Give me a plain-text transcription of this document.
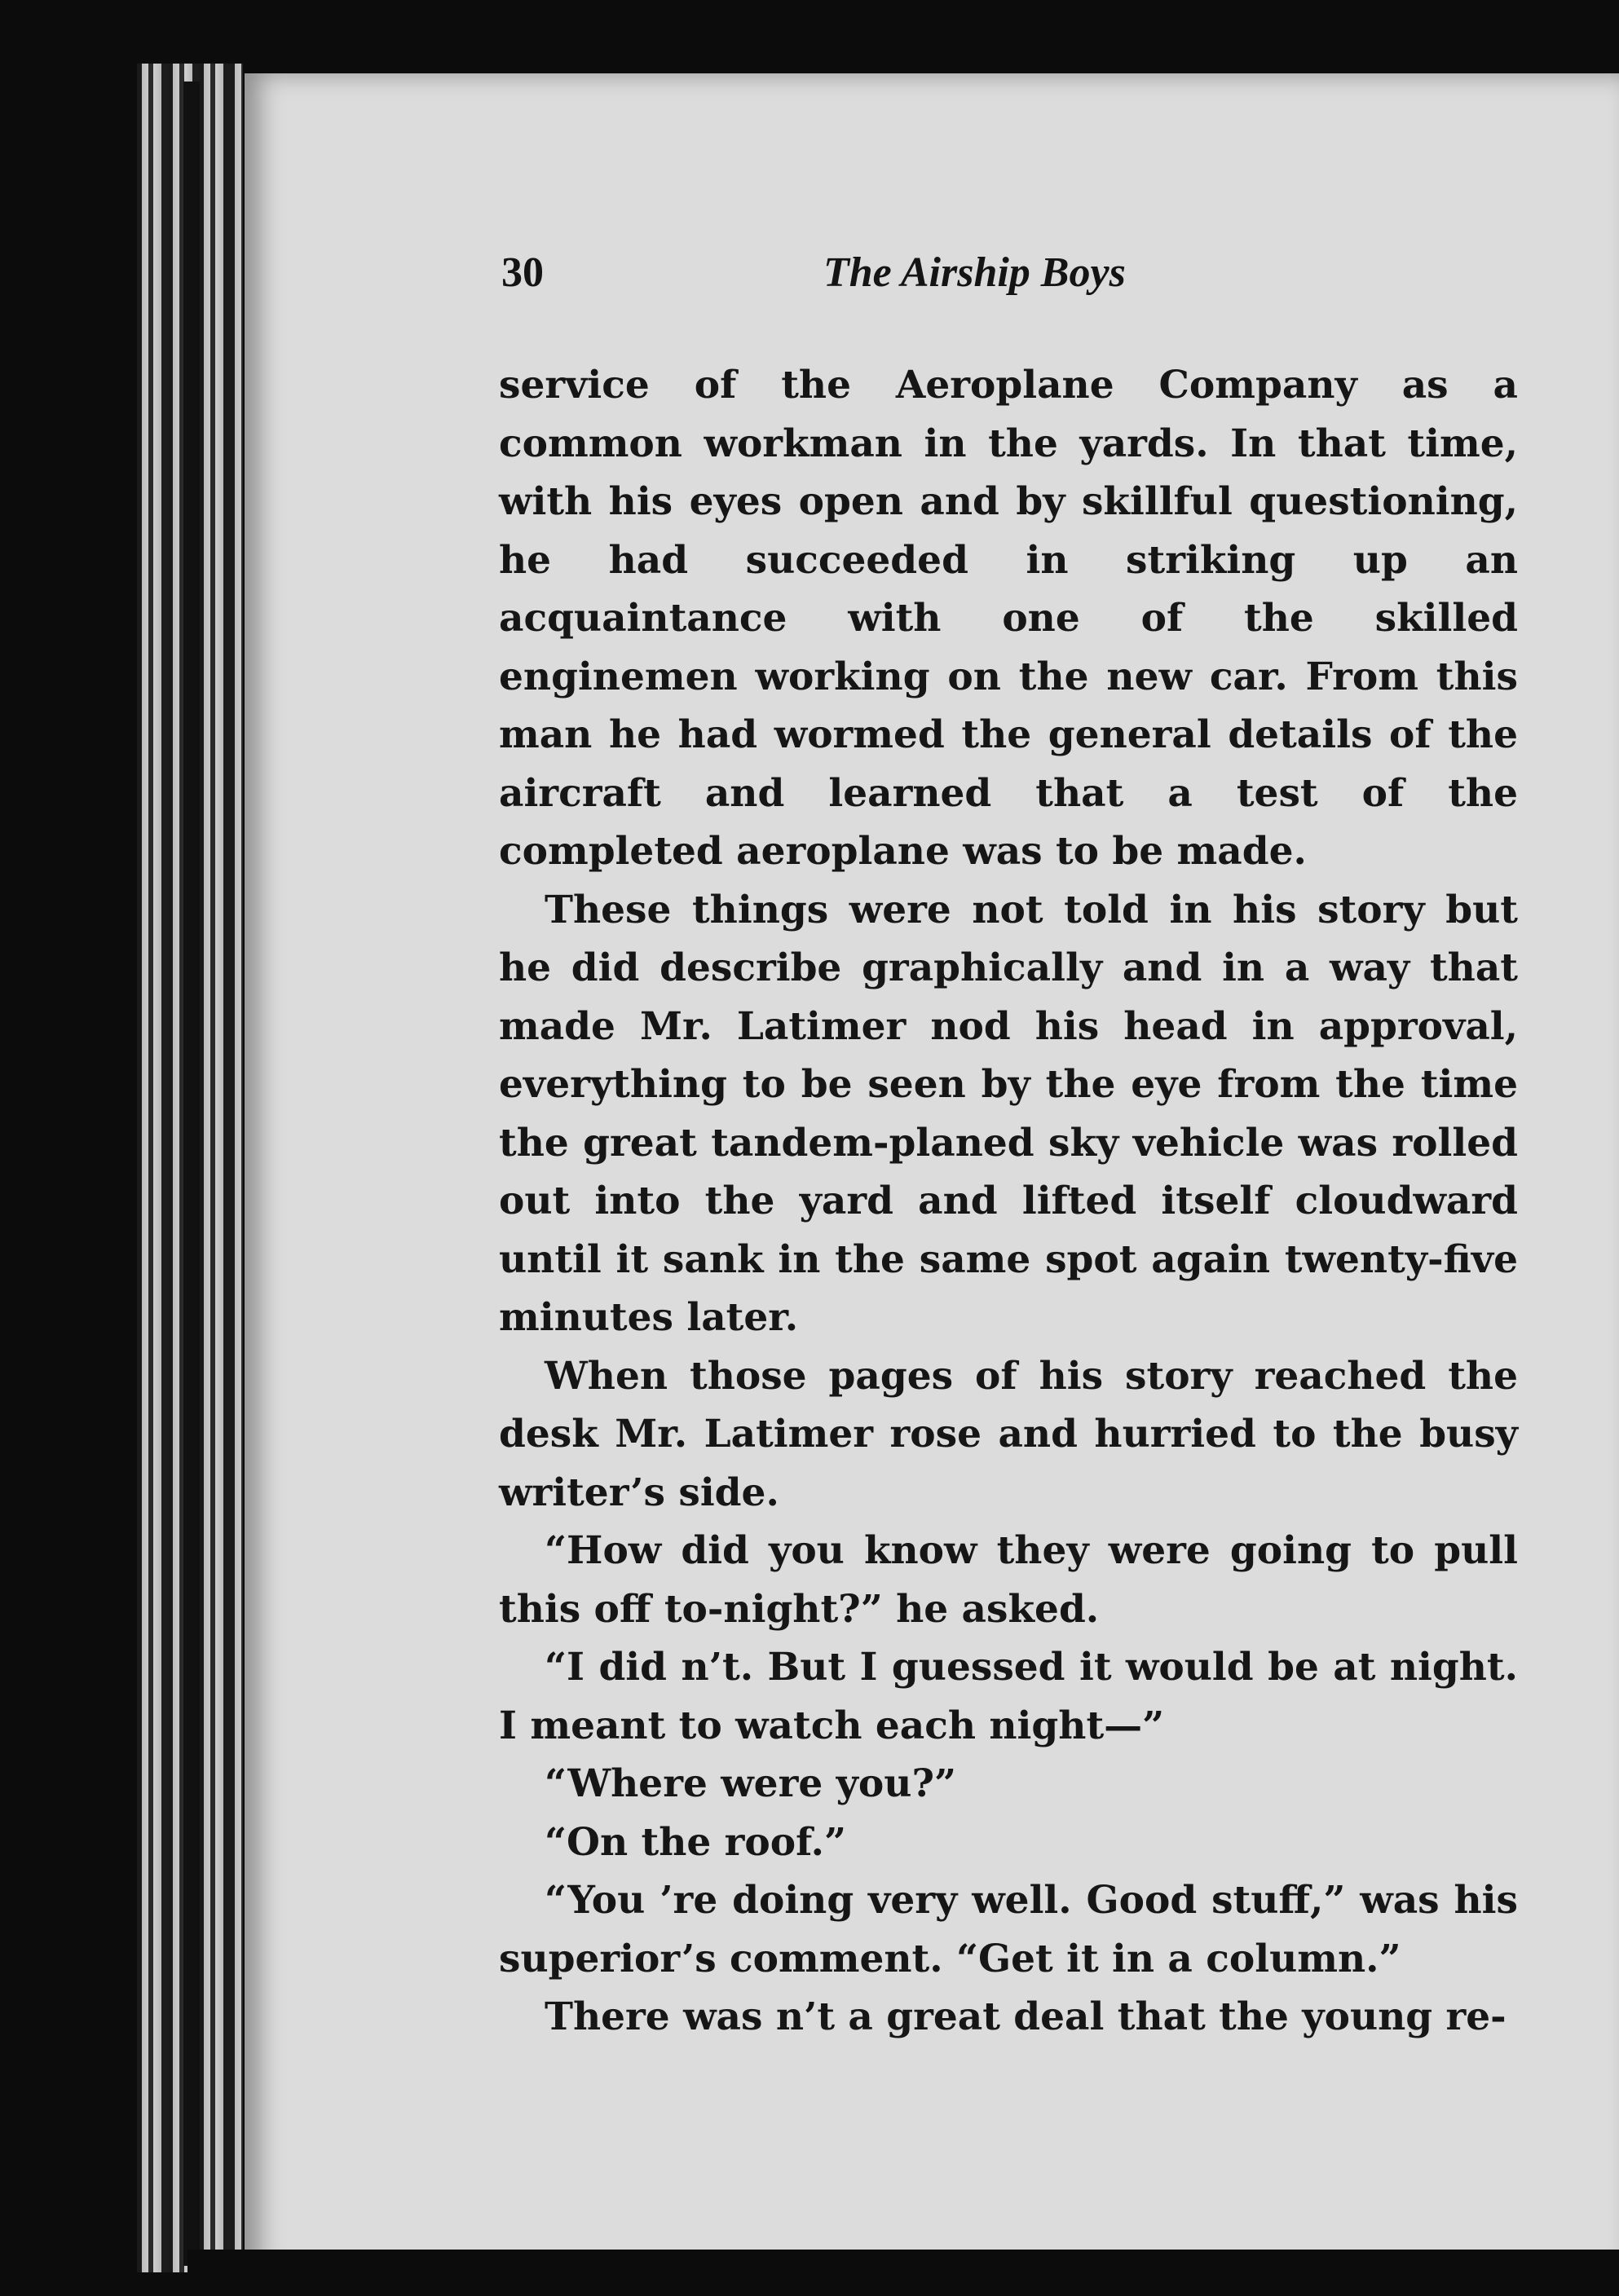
30	The Airship Boys

service of the Aeroplane Company as a common workman in the yards. In that time, with his eyes open and by skillful questioning, he had succeeded in striking up an acquaintance with one of the skilled enginemen working on the new car. From this man he had wormed the general details of the aircraft and learned that a test of the completed aeroplane was to be made.

These things were not told in his story but he did describe graphically and in a way that made Mr. Latimer nod his head in approval, everything to be seen by the eye from the time the great tandem-planed sky vehicle was rolled out into the yard and lifted itself cloudward until it sank in the same spot again twenty-five minutes later.

When those pages of his story reached the desk Mr. Latimer rose and hurried to the busy writer’s side.

“How did you know they were going to pull this off to-night?” he asked.

“I did n’t. But I guessed it would be at night. I meant to watch each night—”

“Where were you?”

“On the roof.”

“You ’re doing very well. Good stuff,” was his superior’s comment. “Get it in a column.”

There was n’t a great deal that the young re-
